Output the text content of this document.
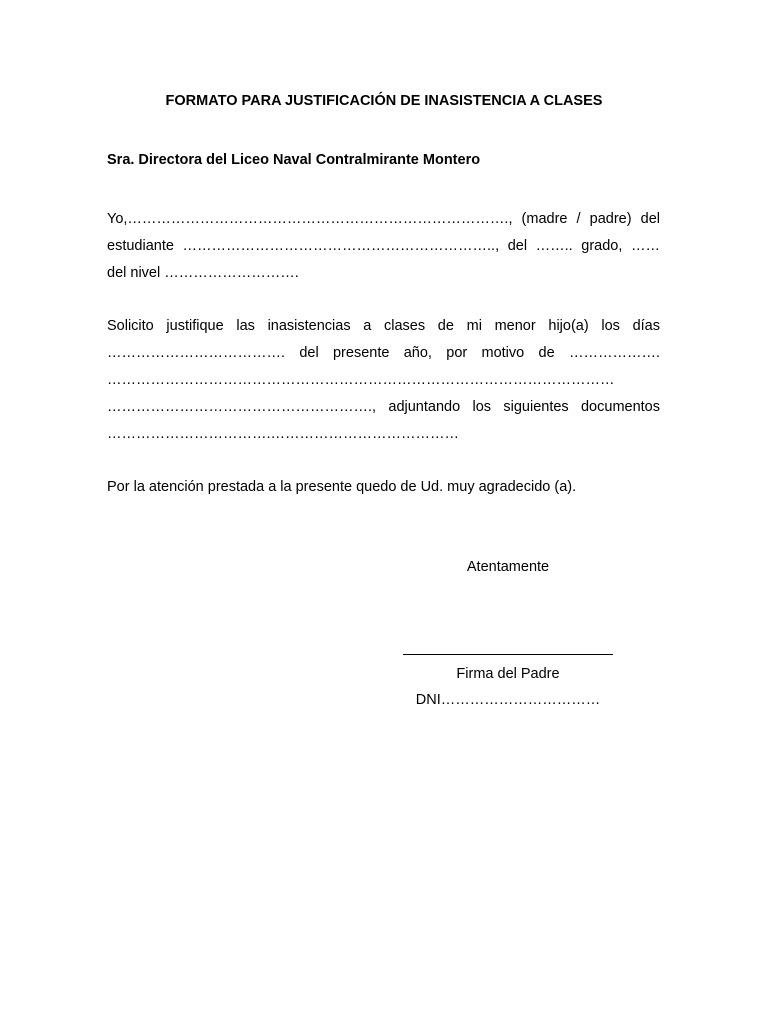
FORMATO PARA JUSTIFICACIÓN DE INASISTENCIA A CLASES
Sra. Directora del Liceo Naval Contralmirante Montero
Yo,……………………………………………………………………., (madre / padre) del
estudiante ……………………………………………………….., del …….. grado, ……
del nivel ……………………….
Solicito justifique las inasistencias a clases de mi menor hijo(a) los días
………………………………. del presente año, por motivo de ……………….
……………………………………………………………………………………………
………………………………………………., adjuntando los siguientes documentos
…………………………….…………………………………
Por la atención prestada a la presente quedo de Ud. muy agradecido (a).
Atentamente
Firma del Padre
DNI……………………………
